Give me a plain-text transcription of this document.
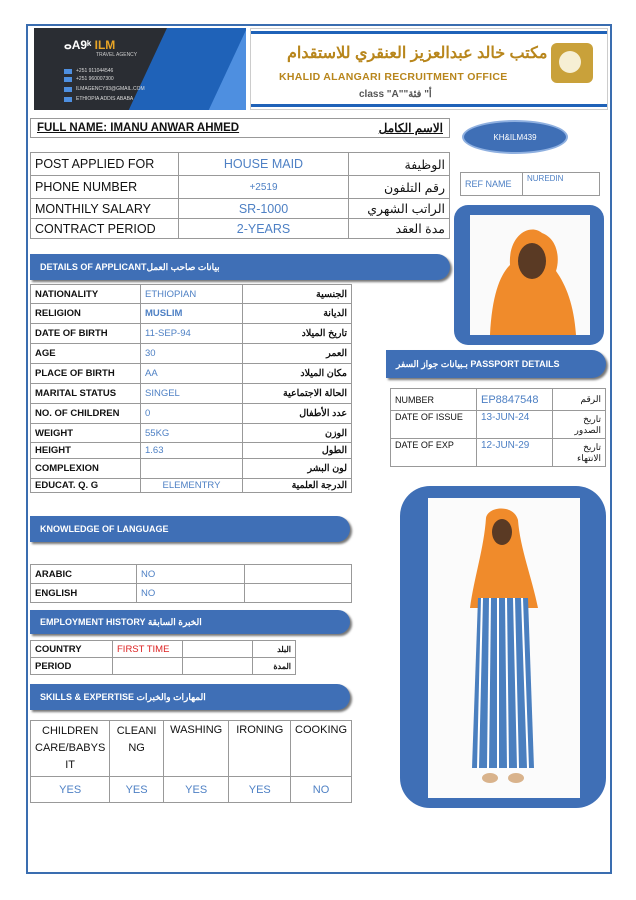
ⴰA9ᵏ ILM
TRAVEL AGENCY
+251 911044546
+251 960007300
ILMAGENCY93@GMAIL.COM
ETHIOPIA ADDIS ABABA
مكتب خالد عبدالعزيز العنقري للاستقدام
KHALID ALANGARI RECRUITMENT OFFICE
class "A""أ" فئة
FULL NAME: IMANU ANWAR AHMED	الاسم الكامل
KH&ILM439
POST APPLIED FOR	HOUSE MAID	الوظيفة
PHONE NUMBER	+2519	رقم التلفون
MONTHILY SALARY	SR-1000	الراتب الشهري
CONTRACT PERIOD	2-YEARS	مدة العقد
REF NAME	NUREDIN
DETAILS OF APPLICANTبيانات صاحب العمل
NATIONALITY	ETHIOPIAN	الجنسية
RELIGION	MUSLIM	الديانة
DATE OF BIRTH	11-SEP-94	تاريخ الميلاد
AGE	30	العمر
PLACE OF BIRTH	AA	مكان الميلاد
MARITAL STATUS	SINGEL	الحالة الاجتماعية
NO. OF CHILDREN	0	عدد الأطفال
WEIGHT	55KG	الوزن
HEIGHT	1.63	الطول
COMPLEXION		لون البشر
EDUCAT. Q. G	ELEMENTRY	الدرجة العلمية
بـبيانات جواز السفر PASSPORT DETAILS
NUMBER	EP8847548	الرقم
DATE OF ISSUE	13-JUN-24	تاريخ الصدور
DATE OF EXP	12-JUN-29	تاريخ الانتهاء
KNOWLEDGE OF LANGUAGE
ARABIC	NO	
ENGLISH	NO	
EMPLOYMENT HISTORY الخبرة السابقة
COUNTRY	FIRST TIME		البلد
PERIOD			المدة
SKILLS & EXPERTISE المهارات والخبرات
CHILDREN CARE/BABYS IT	CLEANI NG	WASHING	IRONING	COOKING
YES	YES	YES	YES	NO
